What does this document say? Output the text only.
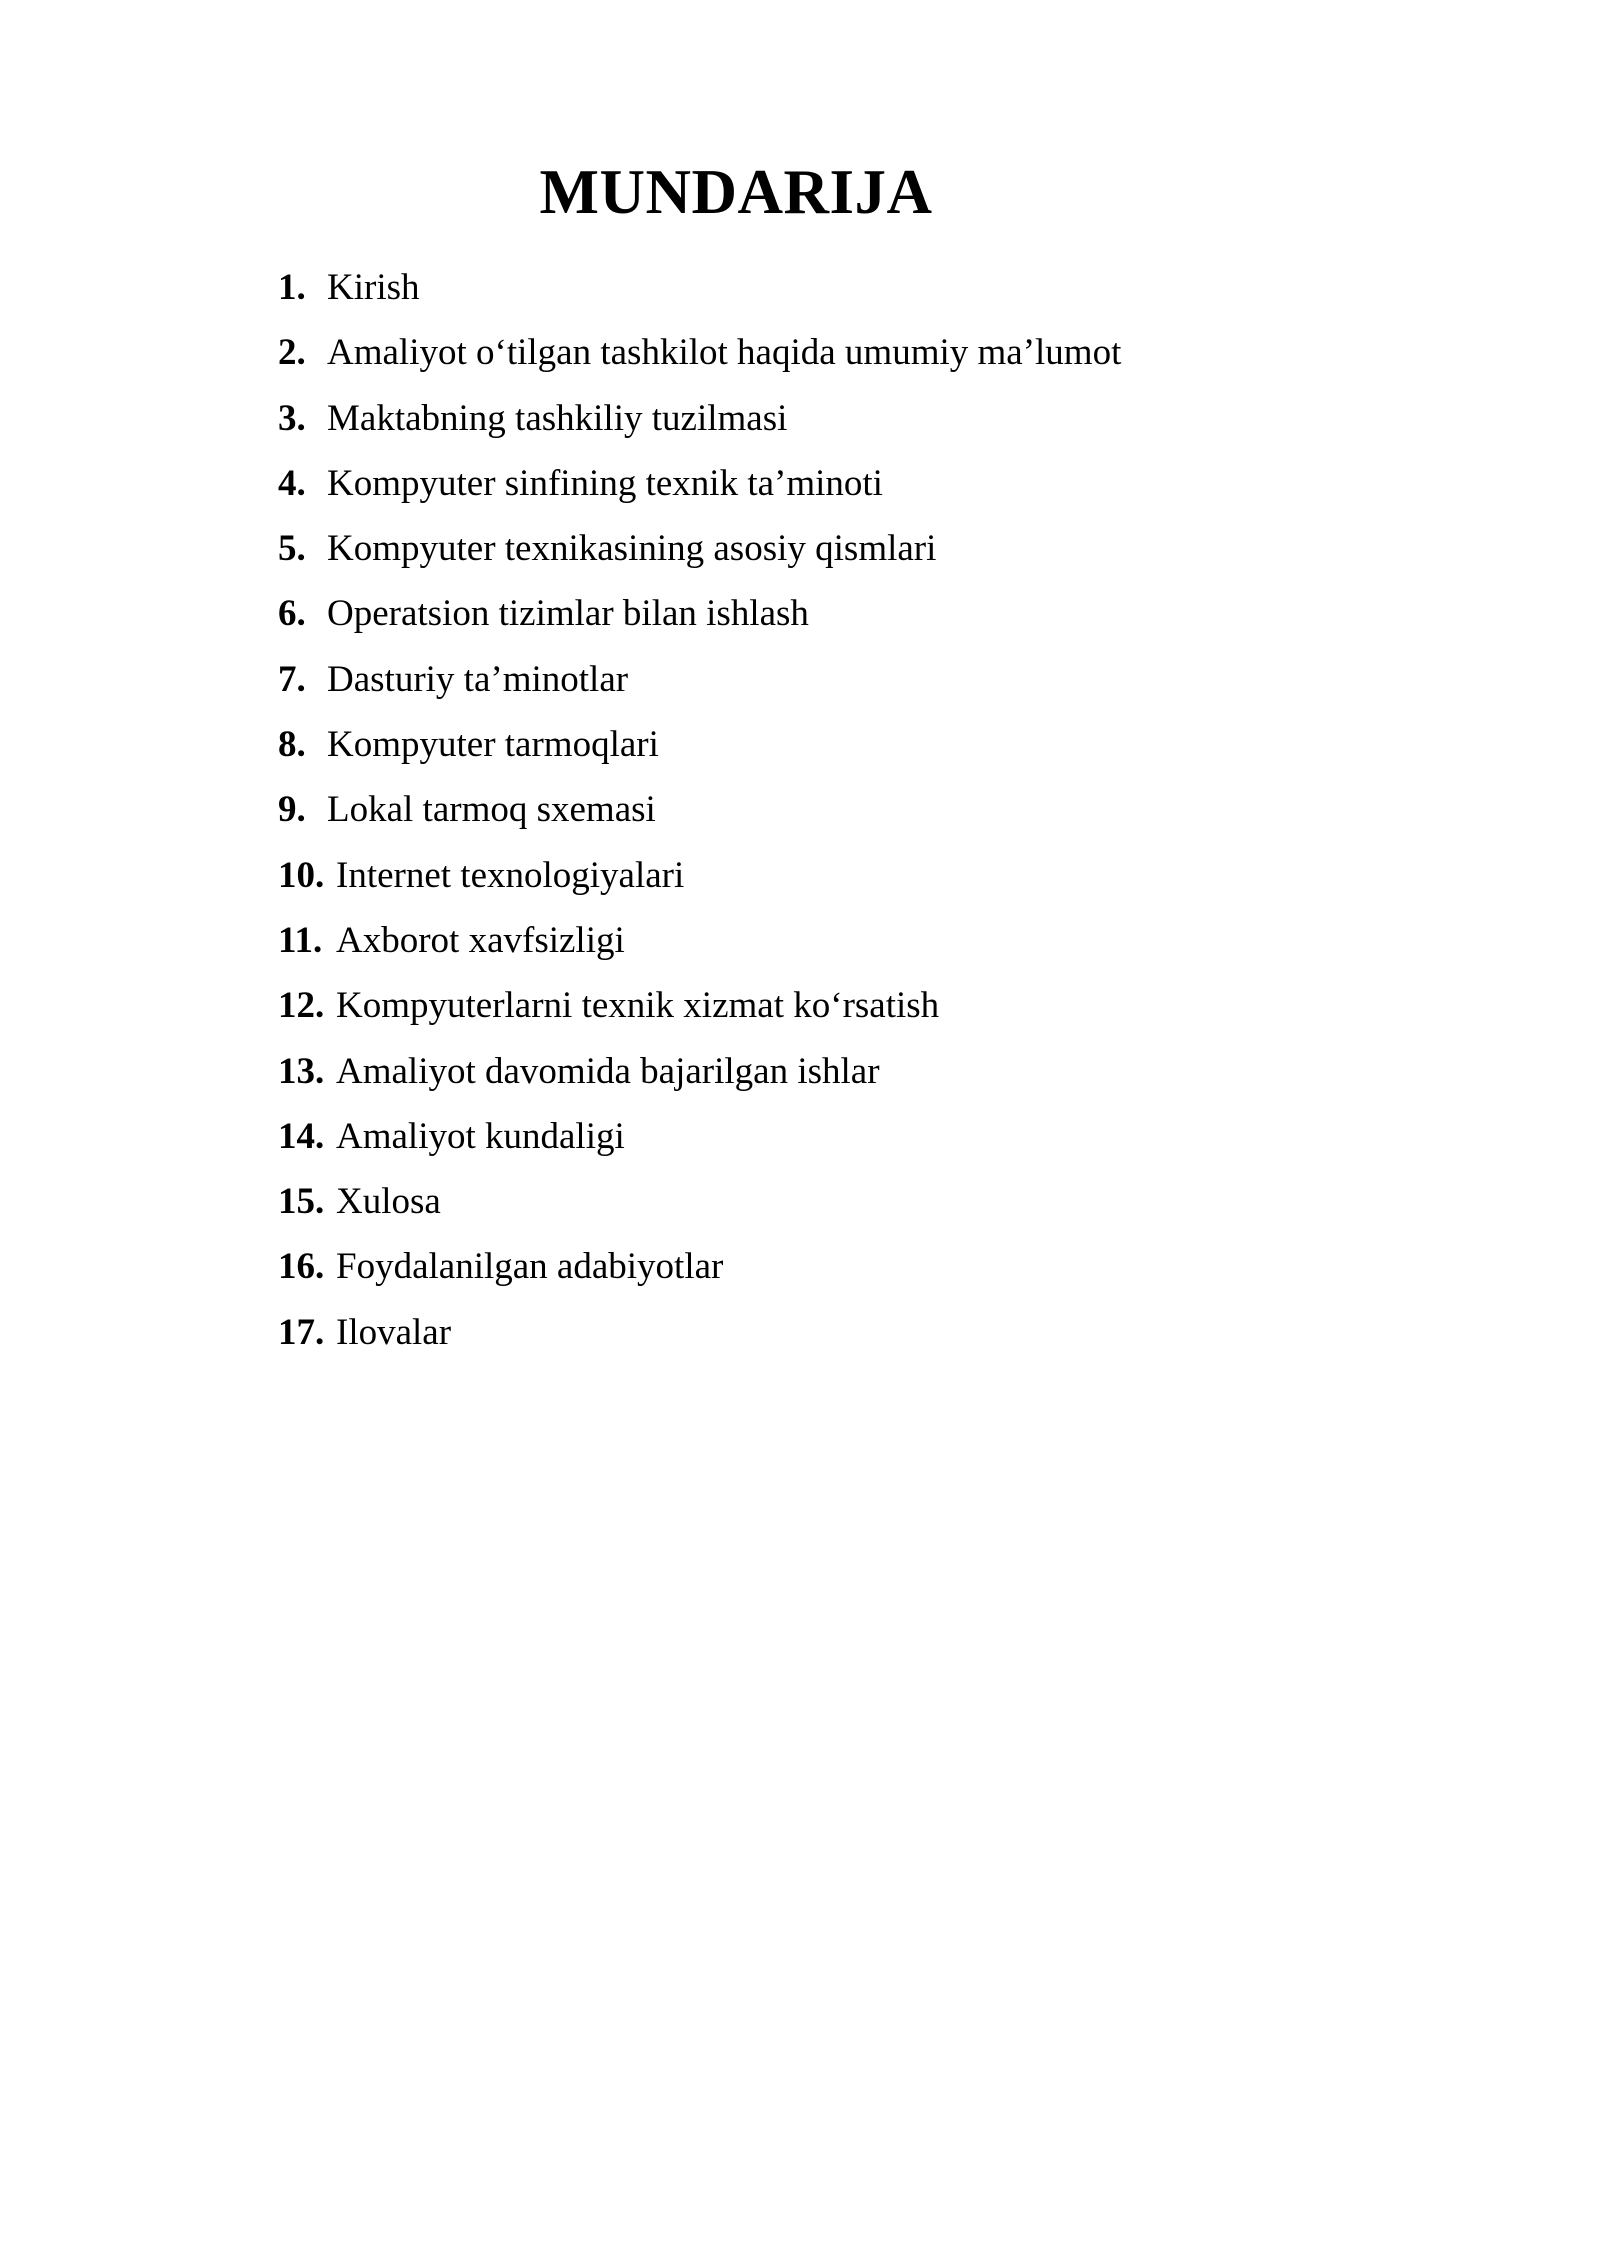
MUNDARIJA
1. Kirish
2. Amaliyot o‘tilgan tashkilot haqida umumiy ma’lumot
3. Maktabning tashkiliy tuzilmasi
4. Kompyuter sinfining texnik ta’minoti
5. Kompyuter texnikasining asosiy qismlari
6. Operatsion tizimlar bilan ishlash
7. Dasturiy ta’minotlar
8. Kompyuter tarmoqlari
9. Lokal tarmoq sxemasi
10. Internet texnologiyalari
11. Axborot xavfsizligi
12. Kompyuterlarni texnik xizmat ko‘rsatish
13. Amaliyot davomida bajarilgan ishlar
14. Amaliyot kundaligi
15. Xulosa
16. Foydalanilgan adabiyotlar
17. Ilovalar
